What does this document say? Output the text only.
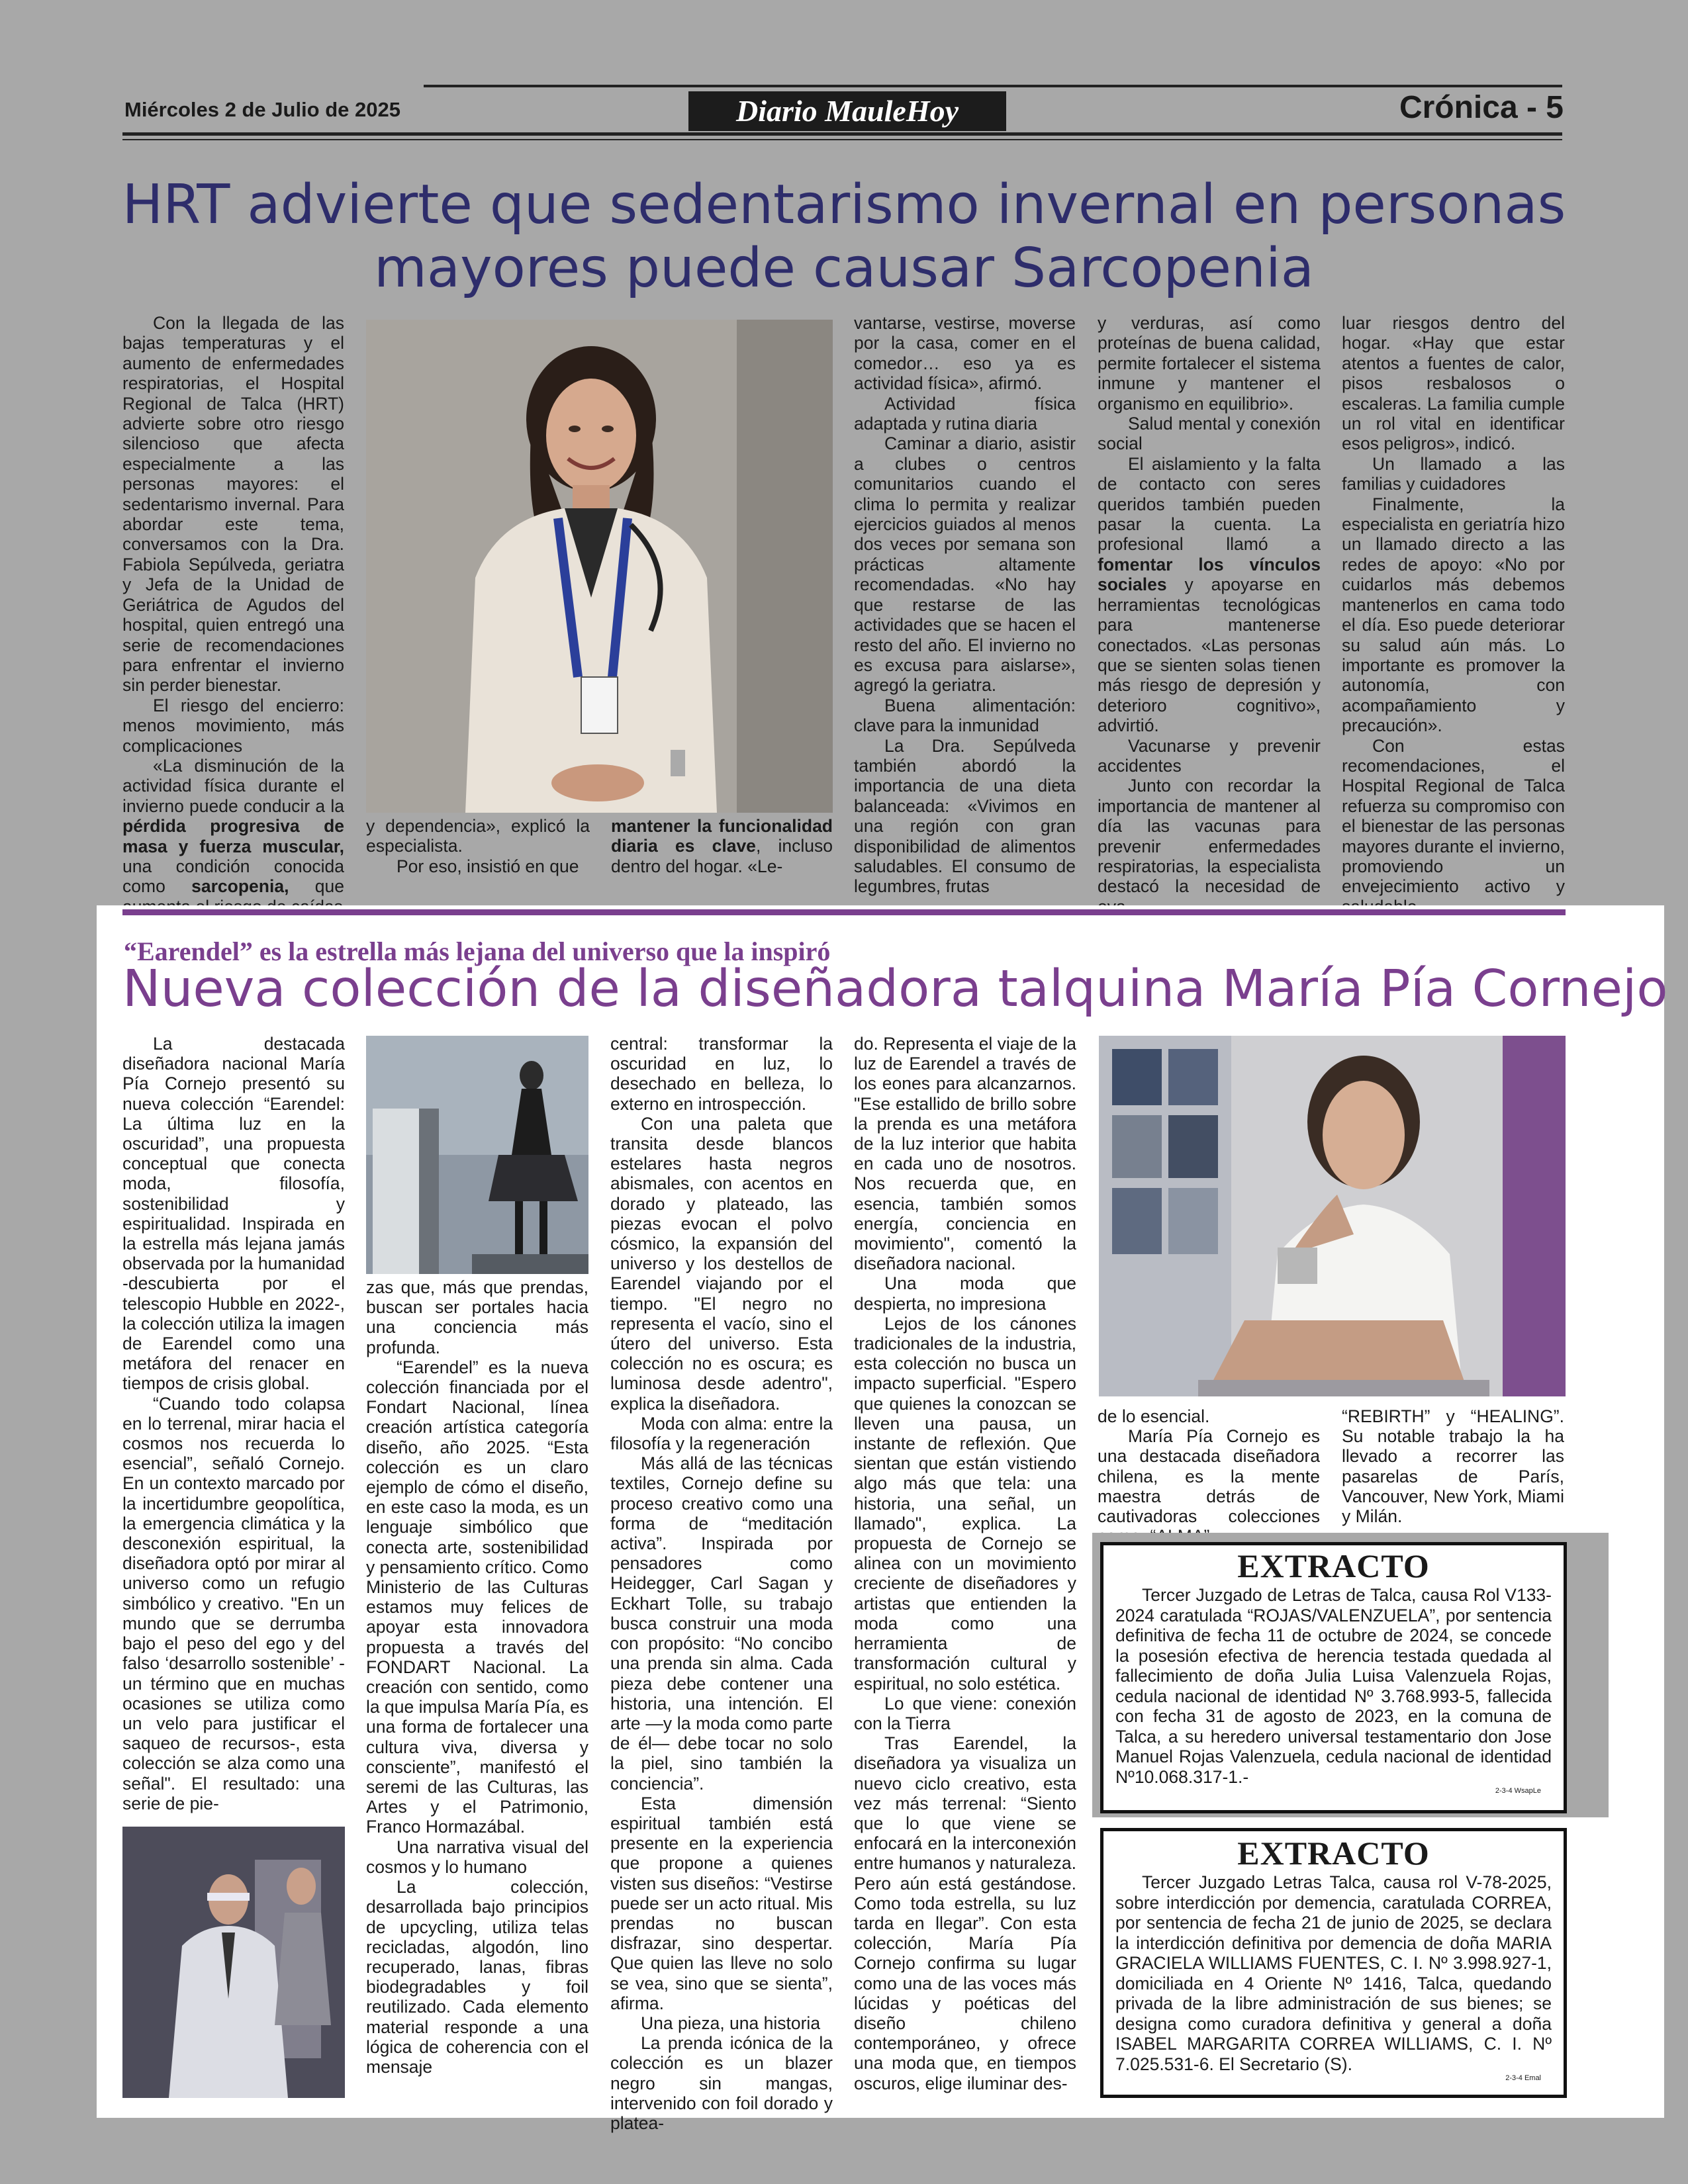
Miércoles 2 de Julio de 2025	Diario MauleHoy	Crónica - 5
HRT advierte que sedentarismo invernal en personas
mayores puede causar Sarcopenia

Con la llegada de las bajas temperaturas y el aumento de enfermedades respiratorias, el Hospital Regional de Talca (HRT) advierte sobre otro riesgo silencioso que afecta especialmente a las personas mayores: el sedentarismo invernal. Para abordar este tema, conversamos con la Dra. Fabiola Sepúlveda, geriatra y Jefa de la Unidad de Geriátrica de Agudos del hospital, quien entregó una serie de recomendaciones para enfrentar el invierno sin perder bienestar.

El riesgo del encierro: menos movimiento, más complicaciones

«La disminución de la actividad física durante el invierno puede conducir a la pérdida progresiva de masa y fuerza muscular, una condición conocida como sarcopenia, que

y dependencia», explicó la especialista.

Por eso, insistió en que

mantener la funcionalidad diaria es clave, incluso dentro del hogar. «Le-

vantarse, vestirse, moverse por la casa, comer en el comedor… eso ya es actividad física», afirmó.

Actividad física adaptada y rutina diaria

Caminar a diario, asistir a clubes o centros comunitarios cuando el clima lo permita y realizar ejercicios guiados al menos dos veces por semana son prácticas altamente recomendadas. «No hay que restarse de las actividades que se hacen el resto del año. El invierno no es excusa para aislarse», agregó la geriatra.

Buena alimentación: clave para la inmunidad

La Dra. Sepúlveda también abordó la importancia de una dieta balanceada: «Vivimos en una región con gran disponibilidad de alimentos saludables. El consumo de legumbres, frutas

y verduras, así como proteínas de buena calidad, permite fortalecer el sistema inmune y mantener el organismo en equilibrio».

Salud mental y conexión social

El aislamiento y la falta de contacto con seres queridos también pueden pasar la cuenta. La profesional llamó a fomentar los vínculos sociales y apoyarse en herramientas tecnológicas para mantenerse conectados. «Las personas que se sienten solas tienen más riesgo de depresión y deterioro cognitivo», advirtió.

Vacunarse y prevenir accidentes

Junto con recordar la importancia de mantener al día las vacunas para prevenir enfermedades respiratorias, la especialista destacó la necesidad de

luar riesgos dentro del hogar. «Hay que estar atentos a fuentes de calor, pisos resbalosos o escaleras. La familia cumple un rol vital en identificar esos peligros», indicó.

Un llamado a las familias y cuidadores

Finalmente, la especialista en geriatría hizo un llamado directo a las redes de apoyo: «No por cuidarlos más debemos mantenerlos en cama todo el día. Eso puede deteriorar su salud aún más. Lo importante es promover la autonomía, con acompañamiento y precaución».

Con estas recomendaciones, el Hospital Regional de Talca refuerza su compromiso con el bienestar de las personas mayores durante el invierno, promoviendo un envejecimiento activo y

“Earendel” es la estrella más lejana del universo que la inspiró
Nueva colección de la diseñadora talquina María Pía Cornejo

La destacada diseñadora nacional María Pía Cornejo presentó su nueva colección “Earendel: La última luz en la oscuridad”, una propuesta conceptual que conecta moda, filosofía, sostenibilidad y espiritualidad. Inspirada en la estrella más lejana jamás observada por la humanidad -descubierta por el telescopio Hubble en 2022-, la colección utiliza la imagen de Earendel como una metáfora del renacer en tiempos de crisis global.

“Cuando todo colapsa en lo terrenal, mirar hacia el cosmos nos recuerda lo esencial”, señaló Cornejo. En un contexto marcado por la incertidumbre geopolítica, la emergencia climática y la desconexión espiritual, la diseñadora optó por mirar al universo como un refugio simbólico y creativo. "En un mundo que se derrumba bajo el peso del ego y del falso ‘desarrollo sostenible’ -un término que en muchas ocasiones se utiliza como un velo para justificar el saqueo de recursos-, esta colección se alza como una señal". El resultado: una serie de pie-

zas que, más que prendas, buscan ser portales hacia una conciencia más profunda.

“Earendel” es la nueva colección financiada por el Fondart Nacional, línea creación artística categoría diseño, año 2025. “Esta colección es un claro ejemplo de cómo el diseño, en este caso la moda, es un lenguaje simbólico que conecta arte, sostenibilidad y pensamiento crítico. Como Ministerio de las Culturas estamos muy felices de apoyar esta innovadora propuesta a través del FONDART Nacional. La creación con sentido, como la que impulsa María Pía, es una forma de fortalecer una cultura viva, diversa y consciente”, manifestó el seremi de las Culturas, las Artes y el Patrimonio, Franco Hormazábal.

Una narrativa visual del cosmos y lo humano

La colección, desarrollada bajo principios de upcycling, utiliza telas recicladas, algodón, lino recuperado, lanas, fibras biodegradables y foil reutilizado. Cada elemento material responde a una lógica de coherencia con el mensaje

central: transformar la oscuridad en luz, lo desechado en belleza, lo externo en introspección.

Con una paleta que transita desde blancos estelares hasta negros abismales, con acentos en dorado y plateado, las piezas evocan el polvo cósmico, la expansión del universo y los destellos de Earendel viajando por el tiempo. "El negro no representa el vacío, sino el útero del universo. Esta colección no es oscura; es luminosa desde adentro", explica la diseñadora.

Moda con alma: entre la filosofía y la regeneración

Más allá de las técnicas textiles, Cornejo define su proceso creativo como una forma de “meditación activa”. Inspirada por pensadores como Heidegger, Carl Sagan y Eckhart Tolle, su trabajo busca construir una moda con propósito: “No concibo una prenda sin alma. Cada pieza debe contener una historia, una intención. El arte —y la moda como parte de él— debe tocar no solo la piel, sino también la conciencia”.

Esta dimensión espiritual también está presente en la experiencia que propone a quienes visten sus diseños: “Vestirse puede ser un acto ritual. Mis prendas no buscan disfrazar, sino despertar. Que quien las lleve no solo se vea, sino que se sienta”, afirma.

Una pieza, una historia

La prenda icónica de la colección es un blazer negro sin mangas, intervenido con foil dorado y platea-

do. Representa el viaje de la luz de Earendel a través de los eones para alcanzarnos. "Ese estallido de brillo sobre la prenda es una metáfora de la luz interior que habita en cada uno de nosotros. Nos recuerda que, en esencia, también somos energía, conciencia en movimiento", comentó la diseñadora nacional.

Una moda que despierta, no impresiona

Lejos de los cánones tradicionales de la industria, esta colección no busca un impacto superficial. "Espero que quienes la conozcan se lleven una pausa, un instante de reflexión. Que sientan que están vistiendo algo más que tela: una historia, una señal, un llamado", explica. La propuesta de Cornejo se alinea con un movimiento creciente de diseñadores y artistas que entienden la moda como una herramienta de transformación cultural y espiritual, no solo estética.

Lo que viene: conexión con la Tierra

Tras Earendel, la diseñadora ya visualiza un nuevo ciclo creativo, esta vez más terrenal: “Siento que lo que viene se enfocará en la interconexión entre humanos y naturaleza. Pero aún está gestándose. Como toda estrella, su luz tarda en llegar”. Con esta colección, María Pía Cornejo confirma su lugar como una de las voces más lúcidas y poéticas del diseño chileno contemporáneo, y ofrece una moda que, en tiempos oscuros, elige iluminar des-

de lo esencial.

María Pía Cornejo es una destacada diseñadora chilena, es la mente maestra detrás de cautivadoras colecciones

“REBIRTH” y “HEALING”. Su notable trabajo la ha llevado a recorrer las pasarelas de París, Vancouver, New York, Miami y Milán.

EXTRACTO
Tercer Juzgado de Letras de Talca, causa Rol V133-2024 caratulada “ROJAS/VALENZUELA”, por sentencia definitiva de fecha 11 de octubre de 2024, se concede la posesión efectiva de herencia testada quedada al fallecimiento de doña Julia Luisa Valenzuela Rojas, cedula nacional de identidad Nº 3.768.993-5, fallecida con fecha 31 de agosto de 2023, en la comuna de Talca, a su heredero universal testamentario don Jose Manuel Rojas Valenzuela, cedula nacional de identidad Nº10.068.317-1.-
2-3-4 WsapLe
EXTRACTO
Tercer Juzgado Letras Talca, causa rol V-78-2025, sobre interdicción por demencia, caratulada CORREA, por sentencia de fecha 21 de junio de 2025, se declara la interdicción definitiva por demencia de doña MARIA GRACIELA WILLIAMS FUENTES, C. I. Nº 3.998.927-1, domiciliada en 4 Oriente Nº 1416, Talca, quedando privada de la libre administración de sus bienes; se designa como curadora definitiva y general a doña ISABEL MARGARITA CORREA WILLIAMS, C. I. Nº 7.025.531-6. El Secretario (S).
2-3-4 Emal
